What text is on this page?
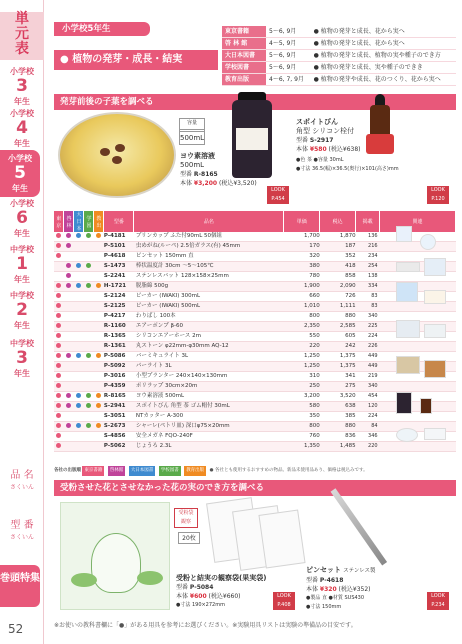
単
元
表
小学校
3
年生
小学校
4
年生
小学校
5
年生
小学校
6
年生
中学校
1
年生
中学校
2
年生
中学校
3
年生
品 名
さくいん
型 番
さくいん
巻頭特集
52
小学校5年生
● 植物の発芽・成長・結実
東京書籍	5～6, 9月	● 植物の発芽と成長、花から実へ
啓 林 館	4～5, 9月	● 植物の発芽と成長、花から実へ
大日本図書	5～6, 9月	● 植物の発芽と成長、植物の実や種子のでき方
学校図書	5～6, 9月	● 植物の発芽と成長、実や種子のできき
教育出版	4～6, 7, 9月	● 植物の発芽や成長、花のつくり、花から実へ
発芽前後の子葉を調べる
容量
500mL
ヨウ素溶液
500mL
型番 R-8165
本体 ¥3,200 (税込¥3,520)
LOOK
P.454
スポイトびん
角型 シリコン栓付
型番 S-2917
本体 ¥580 (税込¥638)
●色 茶 ●容量 30mL
●寸法 36.5(幅)×36.5(奥行)×101(高さ)mm
LOOK
P.120
東京	啓林	大日本	学図	教出	型番	品名	単価	税込	掲載	関連
					P-4181	プリンカップ ふた付90mL 50個組	1,700	1,870	136	
					P-5101	虫めがね(ルーペ) 2.5倍ガラス(有) 45mm	170	187	216	
					P-4618	ピンセット 150mm 直	320	352	234	
					S-1473	棒状温度計 30cm ～5～105℃	380	418	254	
					S-2241	ステンレスバット 128×158×25mm	780	858	138	
					H-1721	脱脂綿 500g	1,900	2,090	334	
					S-2124	ビーカー (IWAKI) 300mL	660	726	83	
					S-2125	ビーカー (IWAKI) 500mL	1,010	1,111	83	
					P-4217	わりばし 100本	800	880	340	
					R-1160	エアーポンプ β-60	2,350	2,585	225	
					R-1365	シリコンエアーホース 2m	550	605	224	
					R-1361	丸ストーン φ22mm-φ30mm AQ-12	220	242	226	
					P-5086	バーミキュライト 3L	1,250	1,375	449	
					P-5092	パーライト 3L	1,250	1,375	449	
					P-3016	小型プランター 240×140×130mm	310	341	219	
					P-4359	ポリラップ 30cm×20m	250	275	340	
					R-8165	ヨウ素溶液 500mL	3,200	3,520	454	
					S-2941	スポイトびん 角型 茶 ゴム帽付 30mL	580	638	120	
					S-3051	NTカッター A-300	350	385	224	
					S-2673	シャーレ(ペトリ皿) 深口φ75×20mm	800	880	84	
					S-4856	安全メガネ FQO-240F	760	836	346	
					P-5062	じょうろ 2.3L	1,350	1,485	220	
各社の出版順 東京書籍 啓林館 大日本図書 学校図書 教育出版 ● 各社とも使用するおすすめの物品。新品未使用品あり、価格は税込みです。
受粉させた花とさせなかった花の実のでき方を調べる
受粉袋
観察
20枚
受粉と結実の観察袋(果実袋)
型番 P-5084
本体 ¥600 (税込¥660)
●寸法 190×272mm
LOOK
P.408
ピンセット ステンレス製
型番 P-4618
本体 ¥320 (税込¥352)
●製品 直 ●材質 SUS430
●寸法 150mm
LOOK
P.234
※お使いの教科書欄に「●」がある用具を参考にお選びください。※実験用具リストは実験の準備品の目安です。
